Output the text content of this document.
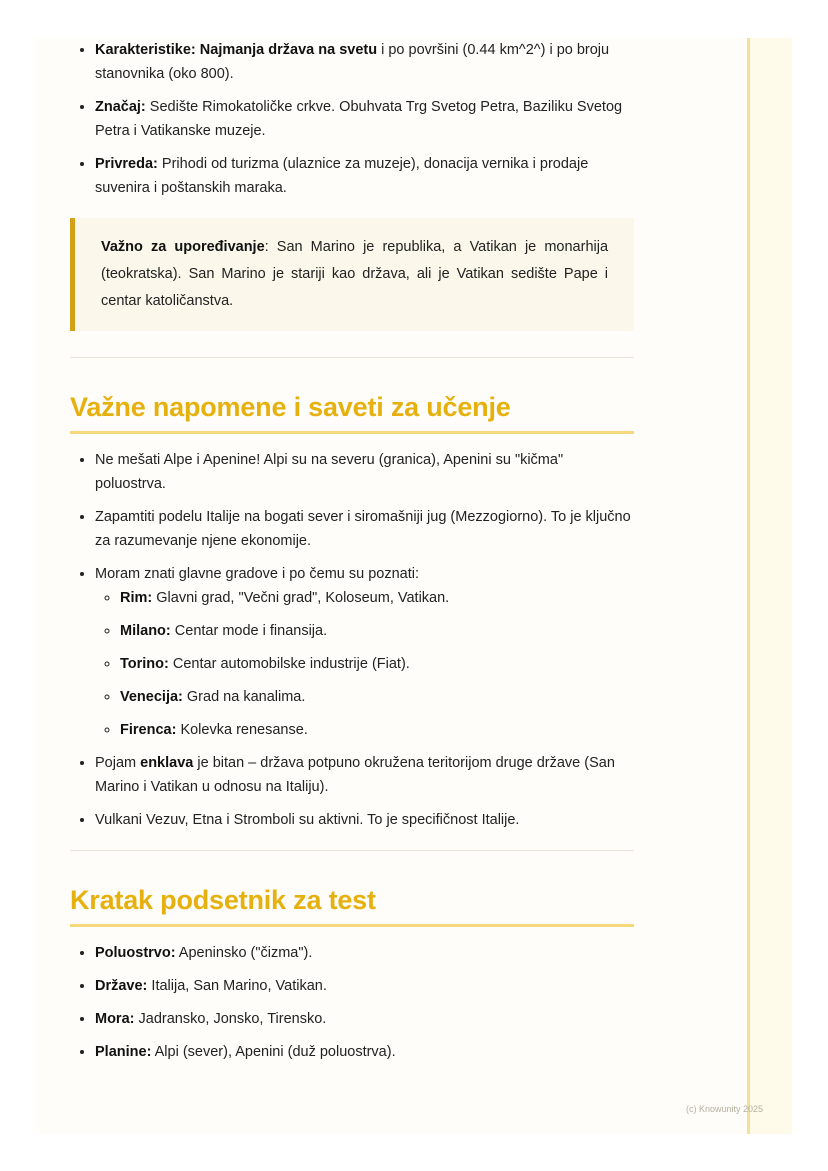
• Karakteristike: Najmanja država na svetu i po površini (0.44 km^2^) i po broju stanovnika (oko 800).
• Značaj: Sedište Rimokatoličke crkve. Obuhvata Trg Svetog Petra, Baziliku Svetog Petra i Vatikanske muzeje.
• Privreda: Prihodi od turizma (ulaznice za muzeje), donacija vernika i prodaje suvenira i poštanskih maraka.
Važno za upoređivanje: San Marino je republika, a Vatikan je monarhija (teokratska). San Marino je stariji kao država, ali je Vatikan sedište Pape i centar katoličanstva.
Važne napomene i saveti za učenje
• Ne mešati Alpe i Apenine! Alpi su na severu (granica), Apenini su "kičma" poluostrva.
• Zapamtiti podelu Italije na bogati sever i siromašniji jug (Mezzogiorno). To je ključno za razumevanje njene ekonomije.
• Moram znati glavne gradove i po čemu su poznati:
◦ Rim: Glavni grad, "Večni grad", Koloseum, Vatikan.
◦ Milano: Centar mode i finansija.
◦ Torino: Centar automobilske industrije (Fiat).
◦ Venecija: Grad na kanalima.
◦ Firenca: Kolevka renesanse.
• Pojam enklava je bitan – država potpuno okružena teritorijom druge države (San Marino i Vatikan u odnosu na Italiju).
• Vulkani Vezuv, Etna i Stromboli su aktivni. To je specifičnost Italije.
Kratak podsetnik za test
• Poluostrvo: Apeninsko ("čizma").
• Države: Italija, San Marino, Vatikan.
• Mora: Jadransko, Jonsko, Tirensko.
• Planine: Alpi (sever), Apenini (duž poluostrva).
(c) Knowunity 2025
